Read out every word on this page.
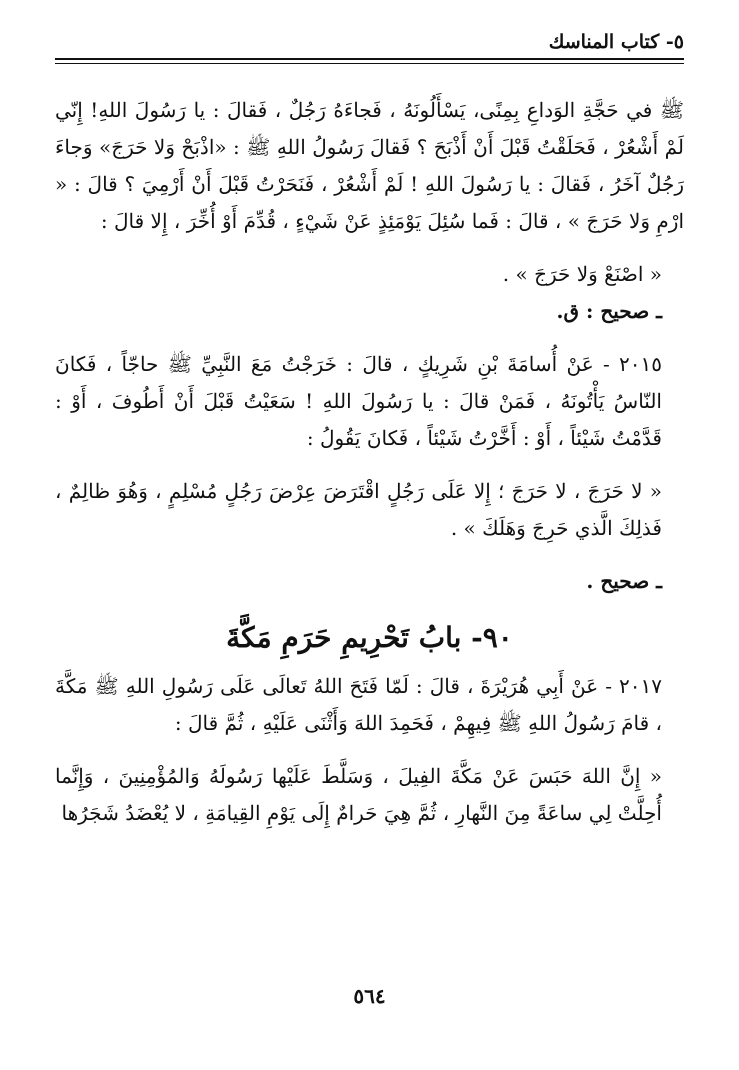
٥- كتاب المناسك

ﷺ في حَجَّةِ الوَداعِ بِمِنًى، يَسْأَلُونَهُ ، فَجاءَهُ رَجُلٌ ، فَقالَ : يا رَسُولَ اللهِ! إِنّي لَمْ أَشْعُرْ ، فَحَلَقْتُ قَبْلَ أَنْ أَذْبَحَ ؟ فَقالَ رَسُولُ اللهِ ﷺ : «اذْبَحْ وَلا حَرَجَ» وَجاءَ رَجُلٌ آخَرُ ، فَقالَ : يا رَسُولَ اللهِ ! لَمْ أَشْعُرْ ، فَنَحَرْتُ قَبْلَ أَنْ أَرْمِيَ ؟ قالَ : « ارْمِ وَلا حَرَجَ » ، قالَ : فَما سُئِلَ يَوْمَئِذٍ عَنْ شَيْءٍ ، قُدِّمَ أَوْ أُخِّرَ ، إِلا قالَ :

« اصْنَعْ وَلا حَرَجَ » .

ـ صحيح : ق.

٢٠١٥ - عَنْ أُسامَةَ بْنِ شَرِيكٍ ، قالَ : خَرَجْتُ مَعَ النَّبِيِّ ﷺ حاجّاً ، فَكانَ النّاسُ يَأْتُونَهُ ، فَمَنْ قالَ : يا رَسُولَ اللهِ ! سَعَيْتُ قَبْلَ أَنْ أَطُوفَ ، أَوْ : قَدَّمْتُ شَيْئاً ، أَوْ : أَخَّرْتُ شَيْئاً ، فَكانَ يَقُولُ :

« لا حَرَجَ ، لا حَرَجَ ؛ إِلا عَلَى رَجُلٍ اقْتَرَضَ عِرْضَ رَجُلٍ مُسْلِمٍ ، وَهُوَ ظالِمٌ ، فَذلِكَ الَّذي حَرِجَ وَهَلَكَ » .

ـ صحيح .

٩٠- بابُ تَحْرِيمِ حَرَمِ مَكَّةَ

٢٠١٧ - عَنْ أَبِي هُرَيْرَةَ ، قالَ : لَمّا فَتَحَ اللهُ تَعالَى عَلَى رَسُولِ اللهِ ﷺ مَكَّةَ ، قامَ رَسُولُ اللهِ ﷺ فِيهِمْ ، فَحَمِدَ اللهَ وَأَثْنَى عَلَيْهِ ، ثُمَّ قالَ :

« إِنَّ اللهَ حَبَسَ عَنْ مَكَّةَ الفِيلَ ، وَسَلَّطَ عَلَيْها رَسُولَهُ وَالمُؤْمِنِينَ ، وَإِنَّما أُحِلَّتْ لِي ساعَةً مِنَ النَّهارِ ، ثُمَّ هِيَ حَرامٌ إِلَى يَوْمِ القِيامَةِ ، لا يُعْضَدُ شَجَرُها

٥٦٤
